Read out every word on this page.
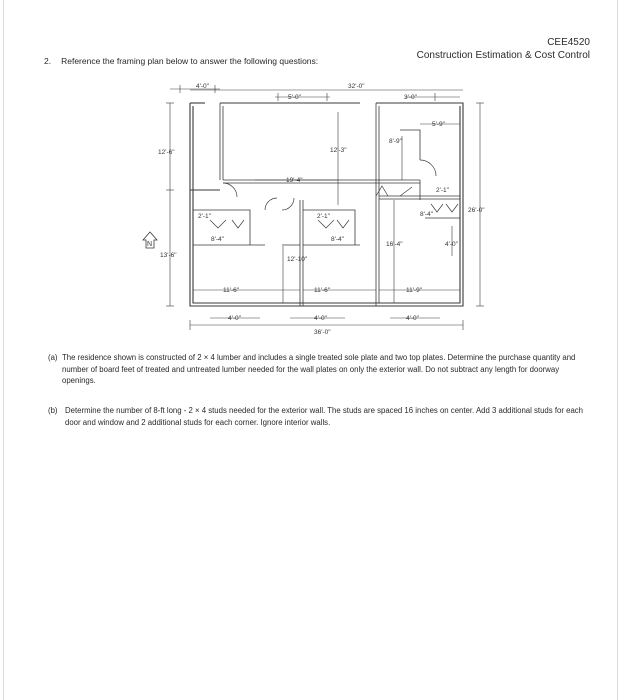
CEE4520
Construction Estimation & Cost Control
2. Reference the framing plan below to answer the following questions:
N
4'-0"
5'-0"
32'-0"
3'-0"
5'-9"
12'-6"
13'-6"
12'-3"
8'-9"
19'-4"
2'-1"	2'-1"
2'-1"
8'-4"	8'-4"
8'-4"
26'-0"
16'-4"	4'-0"
12'-10"
11'-6"	11'-6"	11'-9"
4'-0"	4'-0"	4'-0"
36'-0"
(a) The residence shown is constructed of 2 × 4 lumber and includes a single treated sole plate and two top plates. Determine the purchase quantity and number of board feet of treated and untreated lumber needed for the wall plates on only the exterior wall. Do not subtract any length for doorway openings.
(b) Determine the number of 8-ft long - 2 × 4 studs needed for the exterior wall. The studs are spaced 16 inches on center. Add 3 additional studs for each door and window and 2 additional studs for each corner. Ignore interior walls.
